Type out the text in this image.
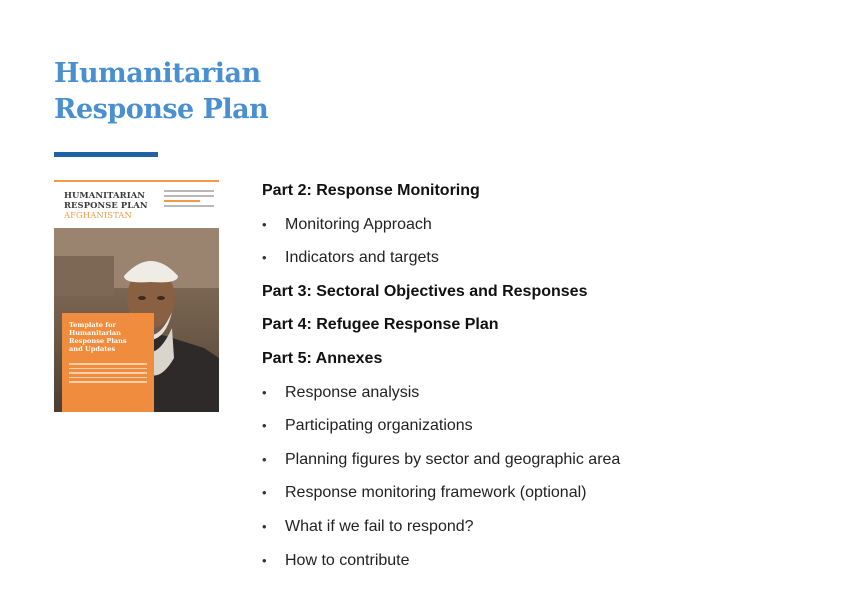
Humanitarian
Response Plan
HUMANITARIAN
RESPONSE PLAN
AFGHANISTAN
Template for
Humanitarian
Response Plans
and Updates
Part 2: Response Monitoring
• Monitoring Approach
• Indicators and targets
Part 3: Sectoral Objectives and Responses
Part 4: Refugee Response Plan
Part 5: Annexes
• Response analysis
• Participating organizations
• Planning figures by sector and geographic area
• Response monitoring framework (optional)
• What if we fail to respond?
• How to contribute
